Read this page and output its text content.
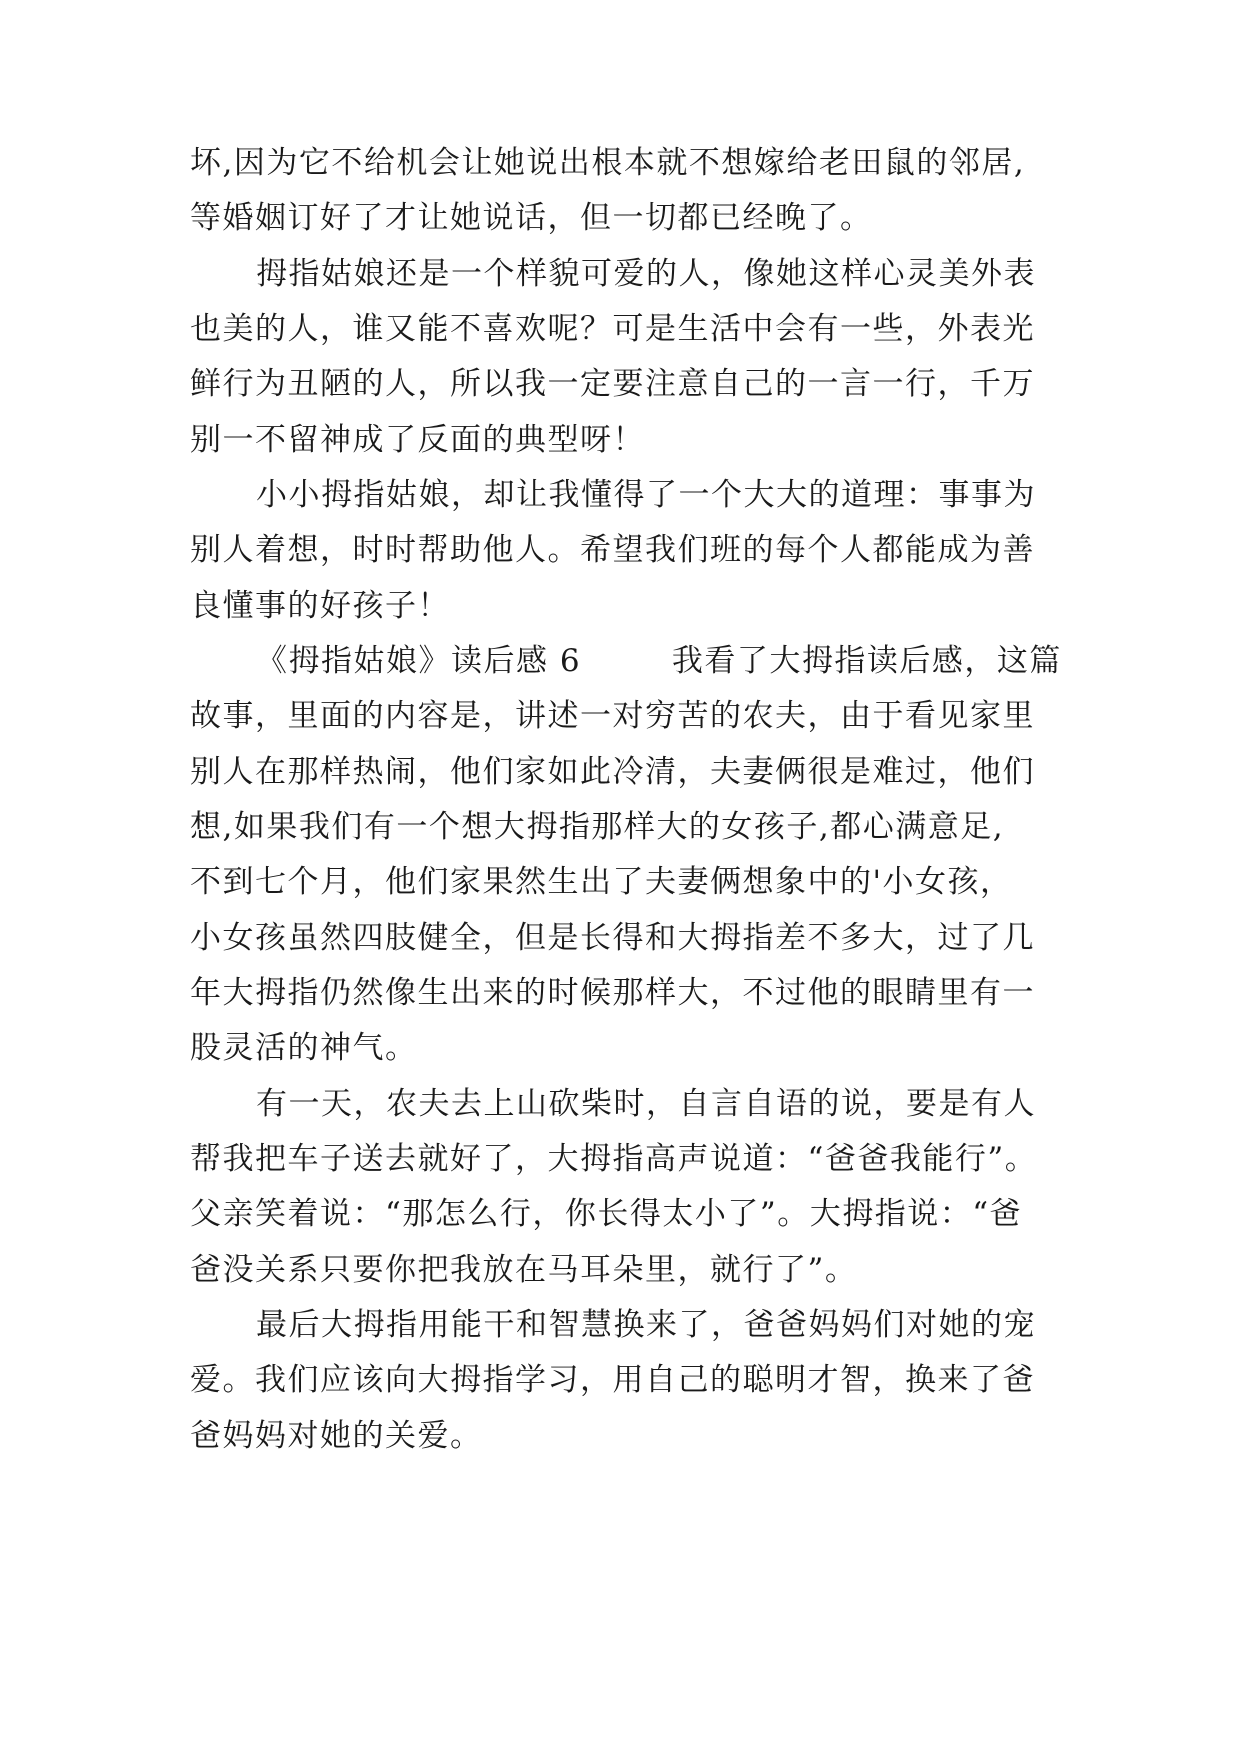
坏,因为它不给机会让她说出根本就不想嫁给老田鼠的邻居,
等婚姻订好了才让她说话，但一切都已经晚了。
拇指姑娘还是一个样貌可爱的人，像她这样心灵美外表
也美的人，谁又能不喜欢呢？可是生活中会有一些，外表光
鲜行为丑陋的人，所以我一定要注意自己的一言一行，千万
别一不留神成了反面的典型呀！
小小拇指姑娘，却让我懂得了一个大大的道理：事事为
别人着想，时时帮助他人。希望我们班的每个人都能成为善
良懂事的好孩子！
《拇指姑娘》读后感 6        我看了大拇指读后感，这篇
故事，里面的内容是，讲述一对穷苦的农夫，由于看见家里
别人在那样热闹，他们家如此冷清，夫妻俩很是难过，他们
想,如果我们有一个想大拇指那样大的女孩子,都心满意足,
不到七个月，他们家果然生出了夫妻俩想象中的'小女孩，
小女孩虽然四肢健全，但是长得和大拇指差不多大，过了几
年大拇指仍然像生出来的时候那样大，不过他的眼睛里有一
股灵活的神气。
有一天，农夫去上山砍柴时，自言自语的说，要是有人
帮我把车子送去就好了，大拇指高声说道：“爸爸我能行”。
父亲笑着说：“那怎么行，你长得太小了”。大拇指说：“爸
爸没关系只要你把我放在马耳朵里，就行了”。
最后大拇指用能干和智慧换来了，爸爸妈妈们对她的宠
爱。我们应该向大拇指学习，用自己的聪明才智，换来了爸
爸妈妈对她的关爱。
